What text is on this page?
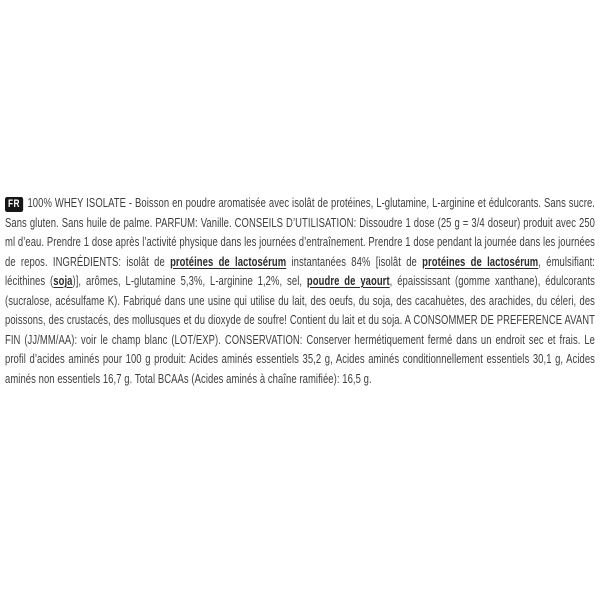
FR 100% WHEY ISOLATE - Boisson en poudre aromatisée avec isolât de protéines, L-glutamine, L-arginine et édulcorants. Sans sucre. Sans gluten. Sans huile de palme. PARFUM: Vanille. CONSEILS D’UTILISATION: Dissoudre 1 dose (25 g = 3/4 doseur) produit avec 250 ml d’eau. Prendre 1 dose après l’activité physique dans les journées d’entraînement. Prendre 1 dose pendant la journée dans les journées de repos. INGRÉDIENTS: isolât de protéines de lactosérum instantanées 84% [isolât de protéines de lactosérum, émulsifiant: lécithines (soja)], arômes, L-glutamine 5,3%, L-arginine 1,2%, sel, poudre de yaourt, épaississant (gomme xanthane), édulcorants (sucralose, acésulfame K). Fabriqué dans une usine qui utilise du lait, des oeufs, du soja, des cacahuètes, des arachides, du céleri, des poissons, des crustacés, des mollusques et du dioxyde de soufre! Contient du lait et du soja. A CONSOMMER DE PREFERENCE AVANT FIN (JJ/MM/AA): voir le champ blanc (LOT/EXP). CONSERVATION: Conserver hermétiquement fermé dans un endroit sec et frais. Le profil d’acides aminés pour 100 g produit: Acides aminés essentiels 35,2 g, Acides aminés conditionnellement essentiels 30,1 g, Acides aminés non essentiels 16,7 g. Total BCAAs (Acides aminés à chaîne ramifiée): 16,5 g.
